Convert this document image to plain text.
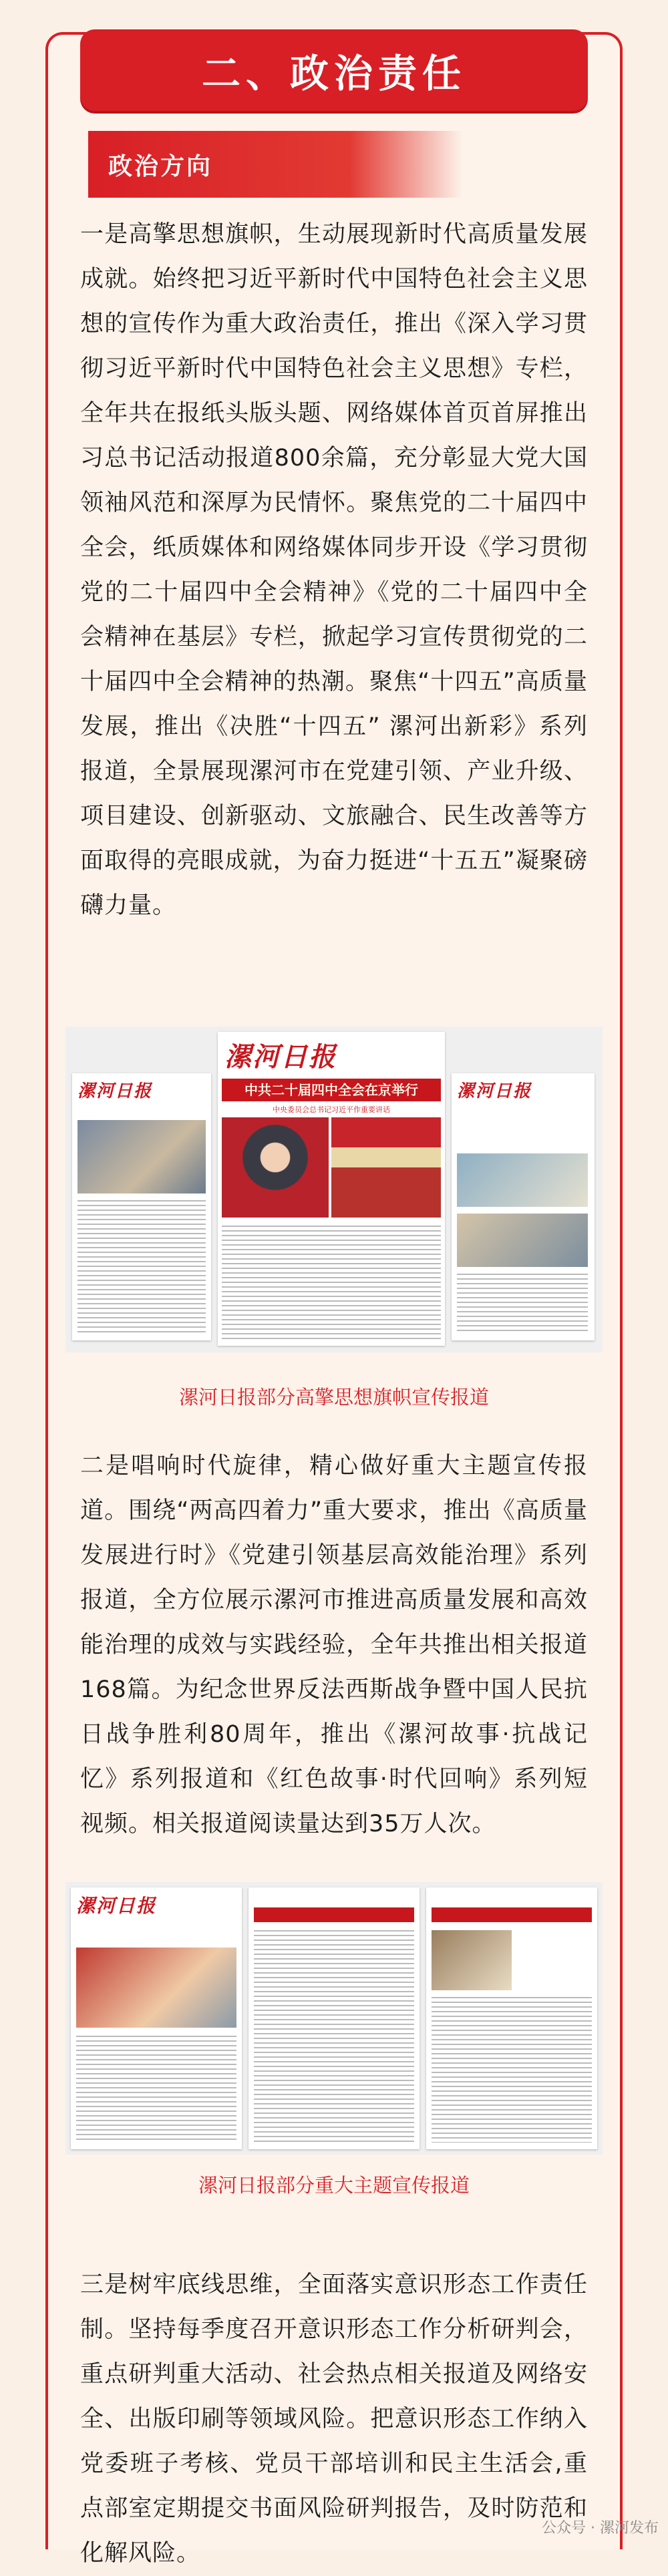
二、政治责任
政治方向
一是高擎思想旗帜，生动展现新时代高质量发展成就。始终把习近平新时代中国特色社会主义思想的宣传作为重大政治责任，推出《深入学习贯彻习近平新时代中国特色社会主义思想》专栏，全年共在报纸头版头题、网络媒体首页首屏推出习总书记活动报道800余篇，充分彰显大党大国领袖风范和深厚为民情怀。聚焦党的二十届四中全会，纸质媒体和网络媒体同步开设《学习贯彻党的二十届四中全会精神》《党的二十届四中全会精神在基层》专栏，掀起学习宣传贯彻党的二十届四中全会精神的热潮。聚焦“十四五”高质量发展，推出《决胜“十四五” 漯河出新彩》系列报道，全景展现漯河市在党建引领、产业升级、项目建设、创新驱动、文旅融合、民生改善等方面取得的亮眼成就，为奋力挺进“十五五”凝聚磅礴力量。
漯河日报
漯河日报
中共二十届四中全会在京举行
中央委员会总书记习近平作重要讲话
漯河日报
漯河日报部分高擎思想旗帜宣传报道
二是唱响时代旋律，精心做好重大主题宣传报道。围绕“两高四着力”重大要求，推出《高质量发展进行时》《党建引领基层高效能治理》系列报道，全方位展示漯河市推进高质量发展和高效能治理的成效与实践经验，全年共推出相关报道168篇。为纪念世界反法西斯战争暨中国人民抗日战争胜利80周年，推出《漯河故事·抗战记忆》系列报道和《红色故事·时代回响》系列短视频。相关报道阅读量达到35万人次。
漯河日报
漯河日报部分重大主题宣传报道
三是树牢底线思维，全面落实意识形态工作责任制。坚持每季度召开意识形态工作分析研判会，重点研判重大活动、社会热点相关报道及网络安全、出版印刷等领域风险。把意识形态工作纳入党委班子考核、党员干部培训和民主生活会,重点部室定期提交书面风险研判报告，及时防范和化解风险。
公众号 · 漯河发布
